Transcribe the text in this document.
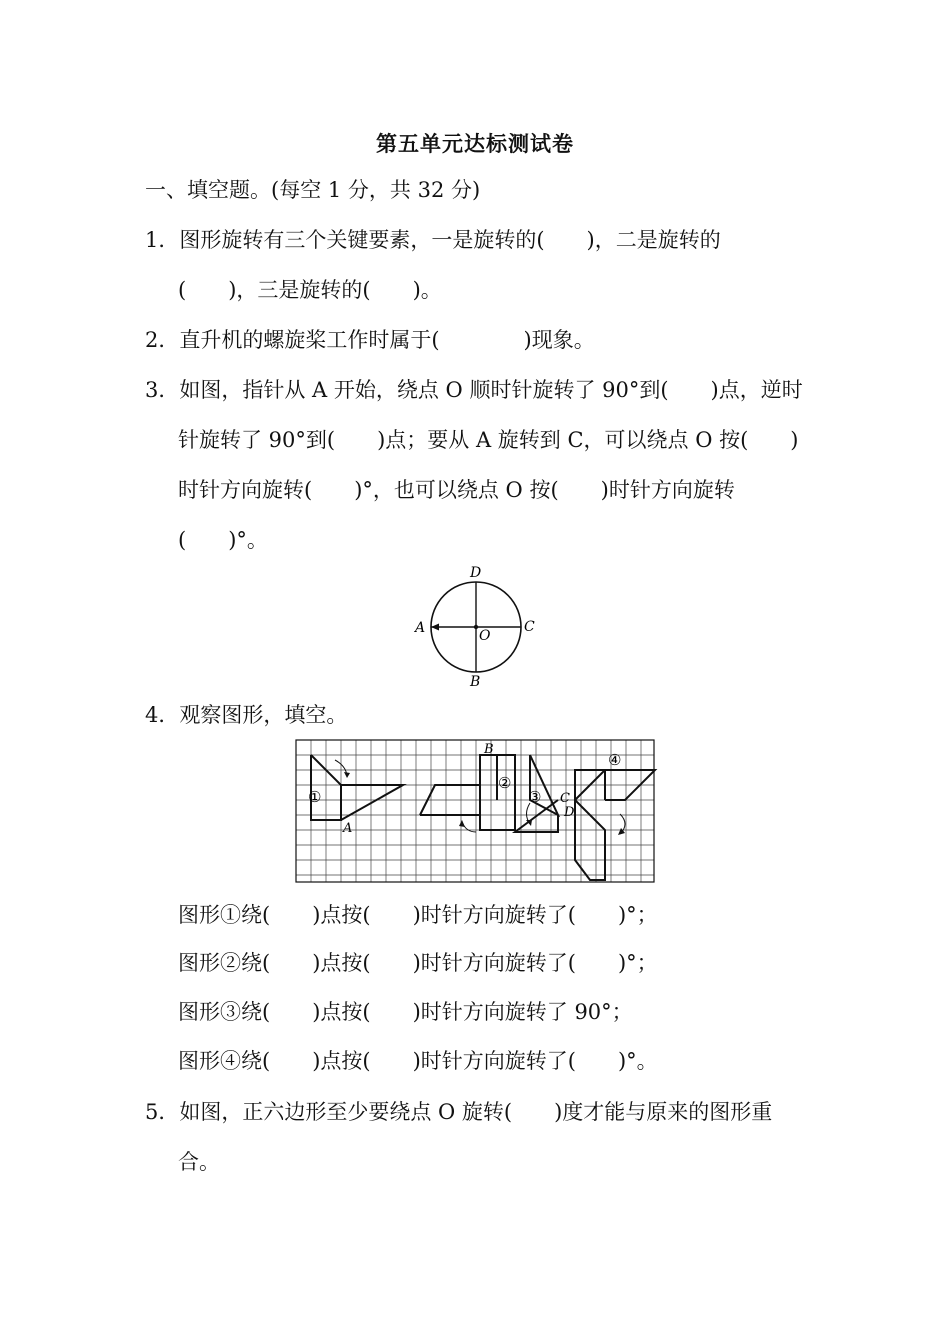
第五单元达标测试卷
一、填空题。(每空 1 分，共 32 分)
1．图形旋转有三个关键要素，一是旋转的(　　)，二是旋转的
(　　)，三是旋转的(　　)。
2．直升机的螺旋桨工作时属于(　　　　)现象。
3．如图，指针从 A 开始，绕点 O 顺时针旋转了 90°到(　　)点，逆时
针旋转了 90°到(　　)点；要从 A 旋转到 C，可以绕点 O 按(　　)
时针方向旋转(　　)°，也可以绕点 O 按(　　)时针方向旋转
(　　)°。
D
B
A	C
O
4．观察图形，填空。
①
②
③
④
A
B
C
D
图形①绕(　　)点按(　　)时针方向旋转了(　　)°；
图形②绕(　　)点按(　　)时针方向旋转了(　　)°；
图形③绕(　　)点按(　　)时针方向旋转了 90°；
图形④绕(　　)点按(　　)时针方向旋转了(　　)°。
5．如图，正六边形至少要绕点 O 旋转(　　)度才能与原来的图形重
合。
